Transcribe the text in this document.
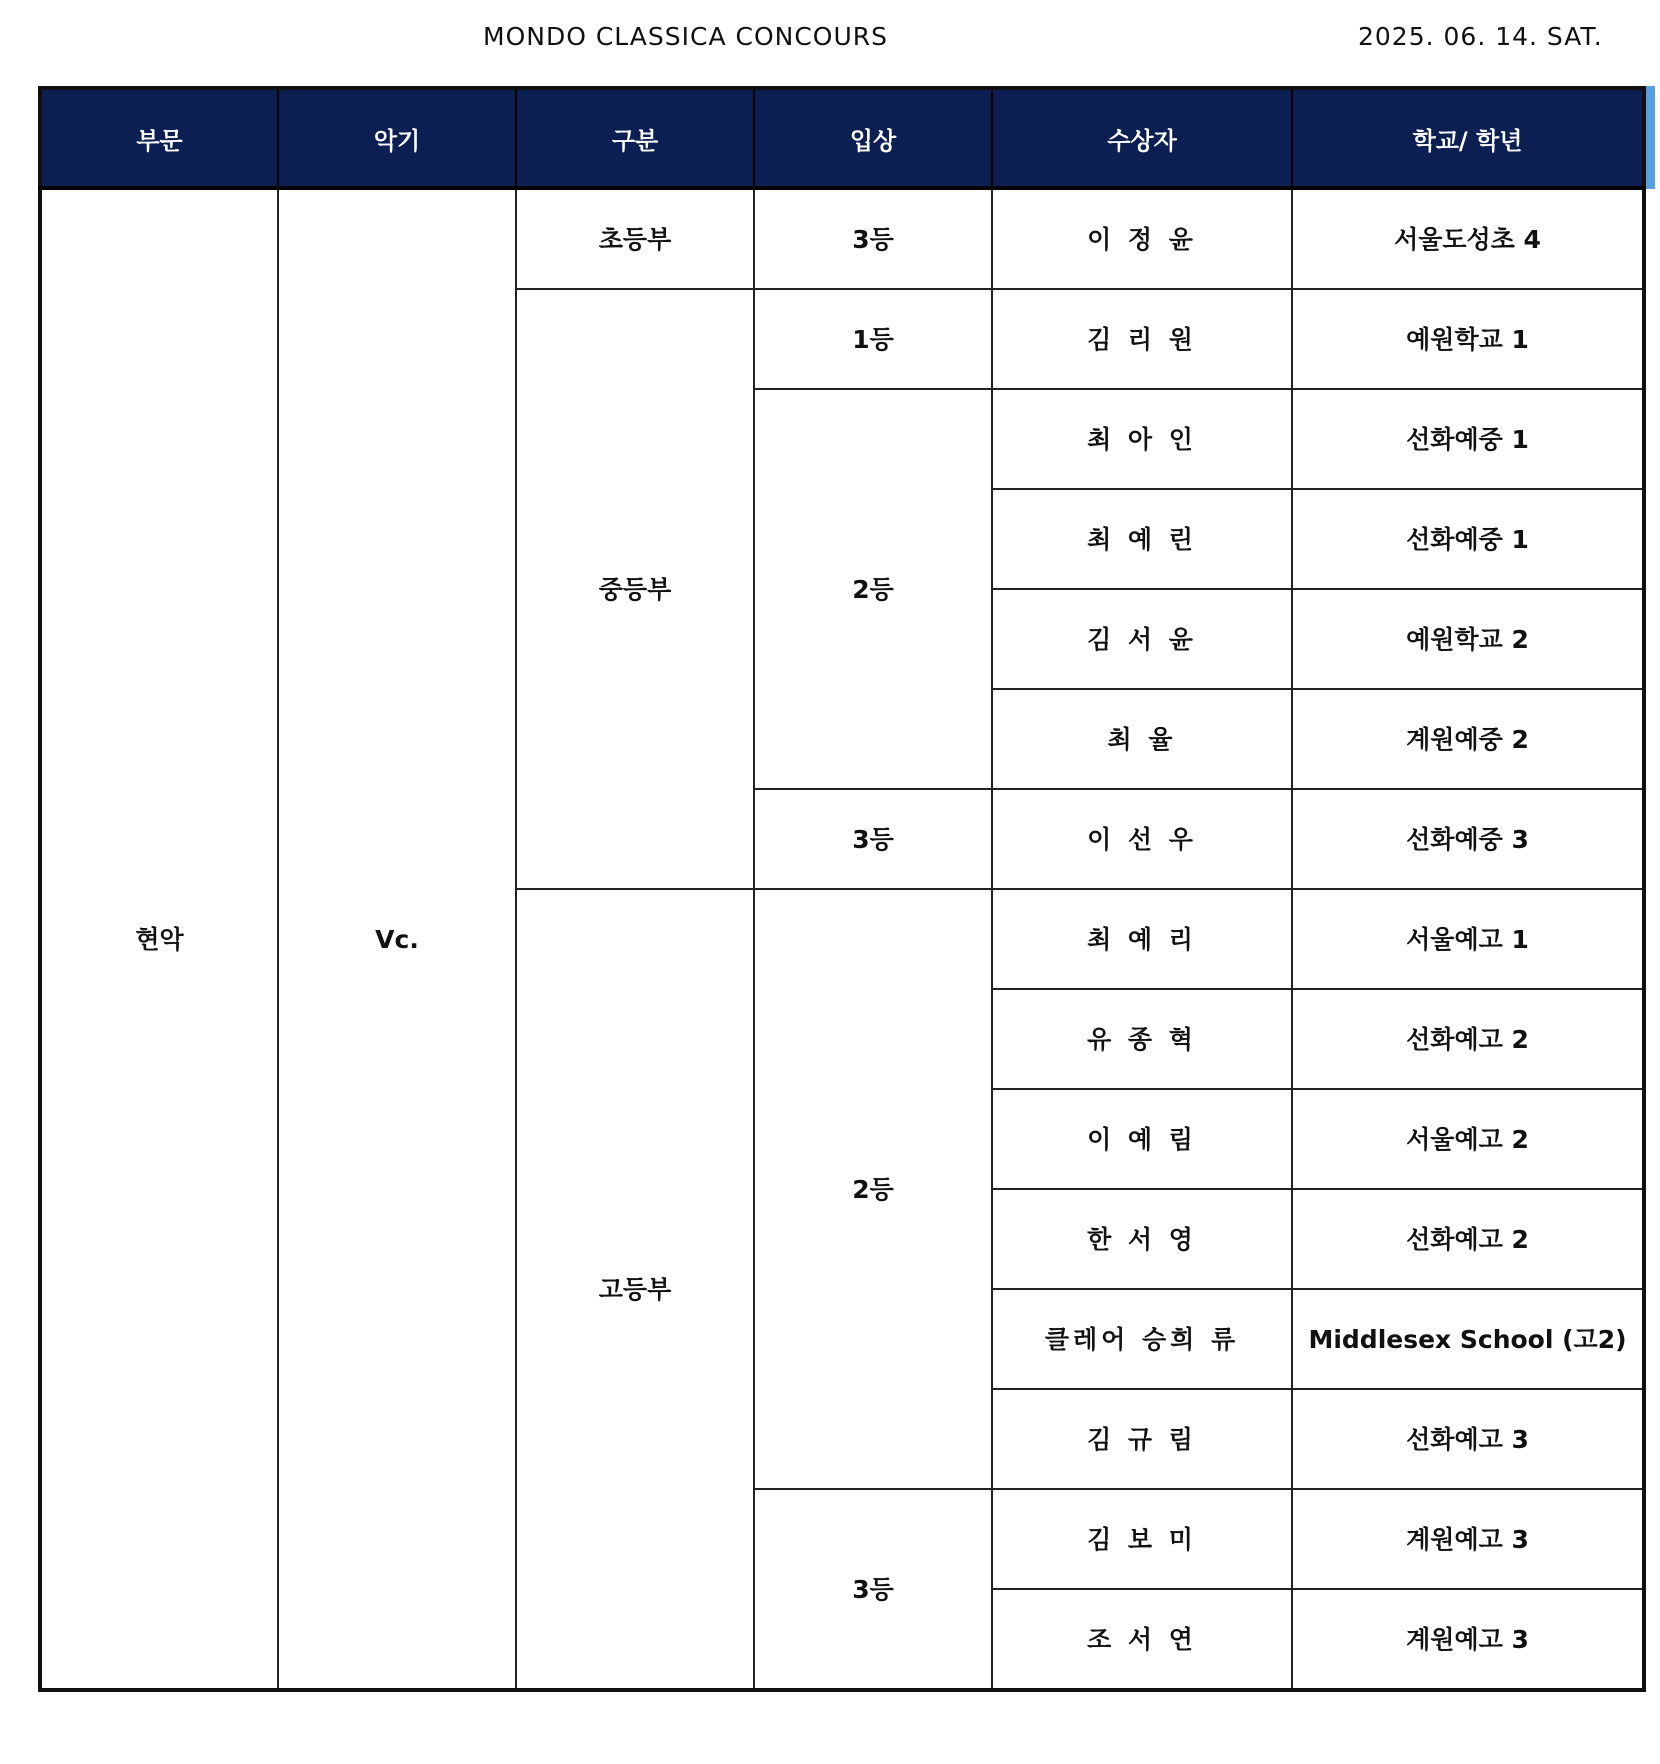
MONDO CLASSICA CONCOURS	2025. 06. 14. SAT.
부문	악기	구분	입상	수상자	학교/ 학년
현악	Vc.	초등부	3등	이 정 윤	서울도성초 4
		중등부	1등	김 리 원	예원학교 1
			2등	최 아 인	선화예중 1
				최 예 린	선화예중 1
				김 서 윤	예원학교 2
				최 율	계원예중 2
			3등	이 선 우	선화예중 3
		고등부	2등	최 예 리	서울예고 1
				유 종 혁	선화예고 2
				이 예 림	서울예고 2
				한 서 영	선화예고 2
				클레어 승희 류	Middlesex School (고2)
				김 규 림	선화예고 3
			3등	김 보 미	계원예고 3
				조 서 연	계원예고 3
